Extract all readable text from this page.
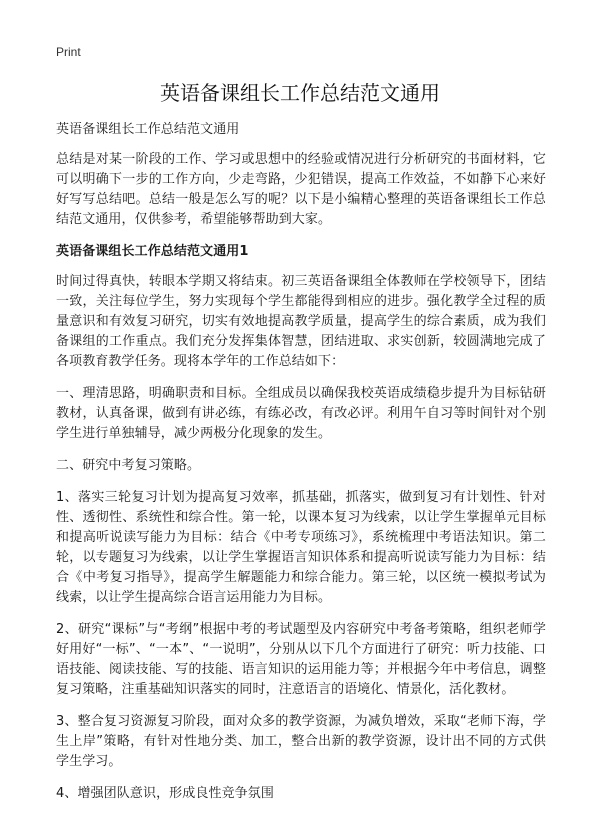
Print
英语备课组长工作总结范文通用

英语备课组长工作总结范文通用

总结是对某一阶段的工作、学习或思想中的经验或情况进行分析研究的书面材料，它可以明确下一步的工作方向，少走弯路，少犯错误，提高工作效益，不如静下心来好好写写总结吧。总结一般是怎么写的呢？以下是小编精心整理的英语备课组长工作总结范文通用，仅供参考，希望能够帮助到大家。

英语备课组长工作总结范文通用1

时间过得真快，转眼本学期又将结束。初三英语备课组全体教师在学校领导下，团结一致，关注每位学生，努力实现每个学生都能得到相应的进步。强化教学全过程的质量意识和有效复习研究，切实有效地提高教学质量，提高学生的综合素质，成为我们备课组的工作重点。我们充分发挥集体智慧，团结进取、求实创新，较圆满地完成了各项教育教学任务。现将本学年的工作总结如下：

一、理清思路，明确职责和目标。全组成员以确保我校英语成绩稳步提升为目标钻研教材，认真备课，做到有讲必练，有练必改，有改必评。利用午自习等时间针对个别学生进行单独辅导，减少两极分化现象的发生。

二、研究中考复习策略。

1、落实三轮复习计划为提高复习效率，抓基础，抓落实，做到复习有计划性、针对性、透彻性、系统性和综合性。第一轮，以课本复习为线索，以让学生掌握单元目标和提高听说读写能力为目标：结合《中考专项练习》，系统梳理中考语法知识。第二轮，以专题复习为线索，以让学生掌握语言知识体系和提高听说读写能力为目标：结合《中考复习指导》，提高学生解题能力和综合能力。第三轮，以区统一模拟考试为线索，以让学生提高综合语言运用能力为目标。

2、研究“课标”与“考纲”根据中考的考试题型及内容研究中考备考策略，组织老师学好用好“一标”、“一本”、“一说明”，分别从以下几个方面进行了研究：听力技能、口语技能、阅读技能、写的技能、语言知识的运用能力等；并根据今年中考信息，调整复习策略，注重基础知识落实的同时，注意语言的语境化、情景化，活化教材。

3、整合复习资源复习阶段，面对众多的教学资源，为减负增效，采取“老师下海，学生上岸”策略，有针对性地分类、加工，整合出新的教学资源，设计出不同的方式供学生学习。

4、增强团队意识，形成良性竞争氛围
